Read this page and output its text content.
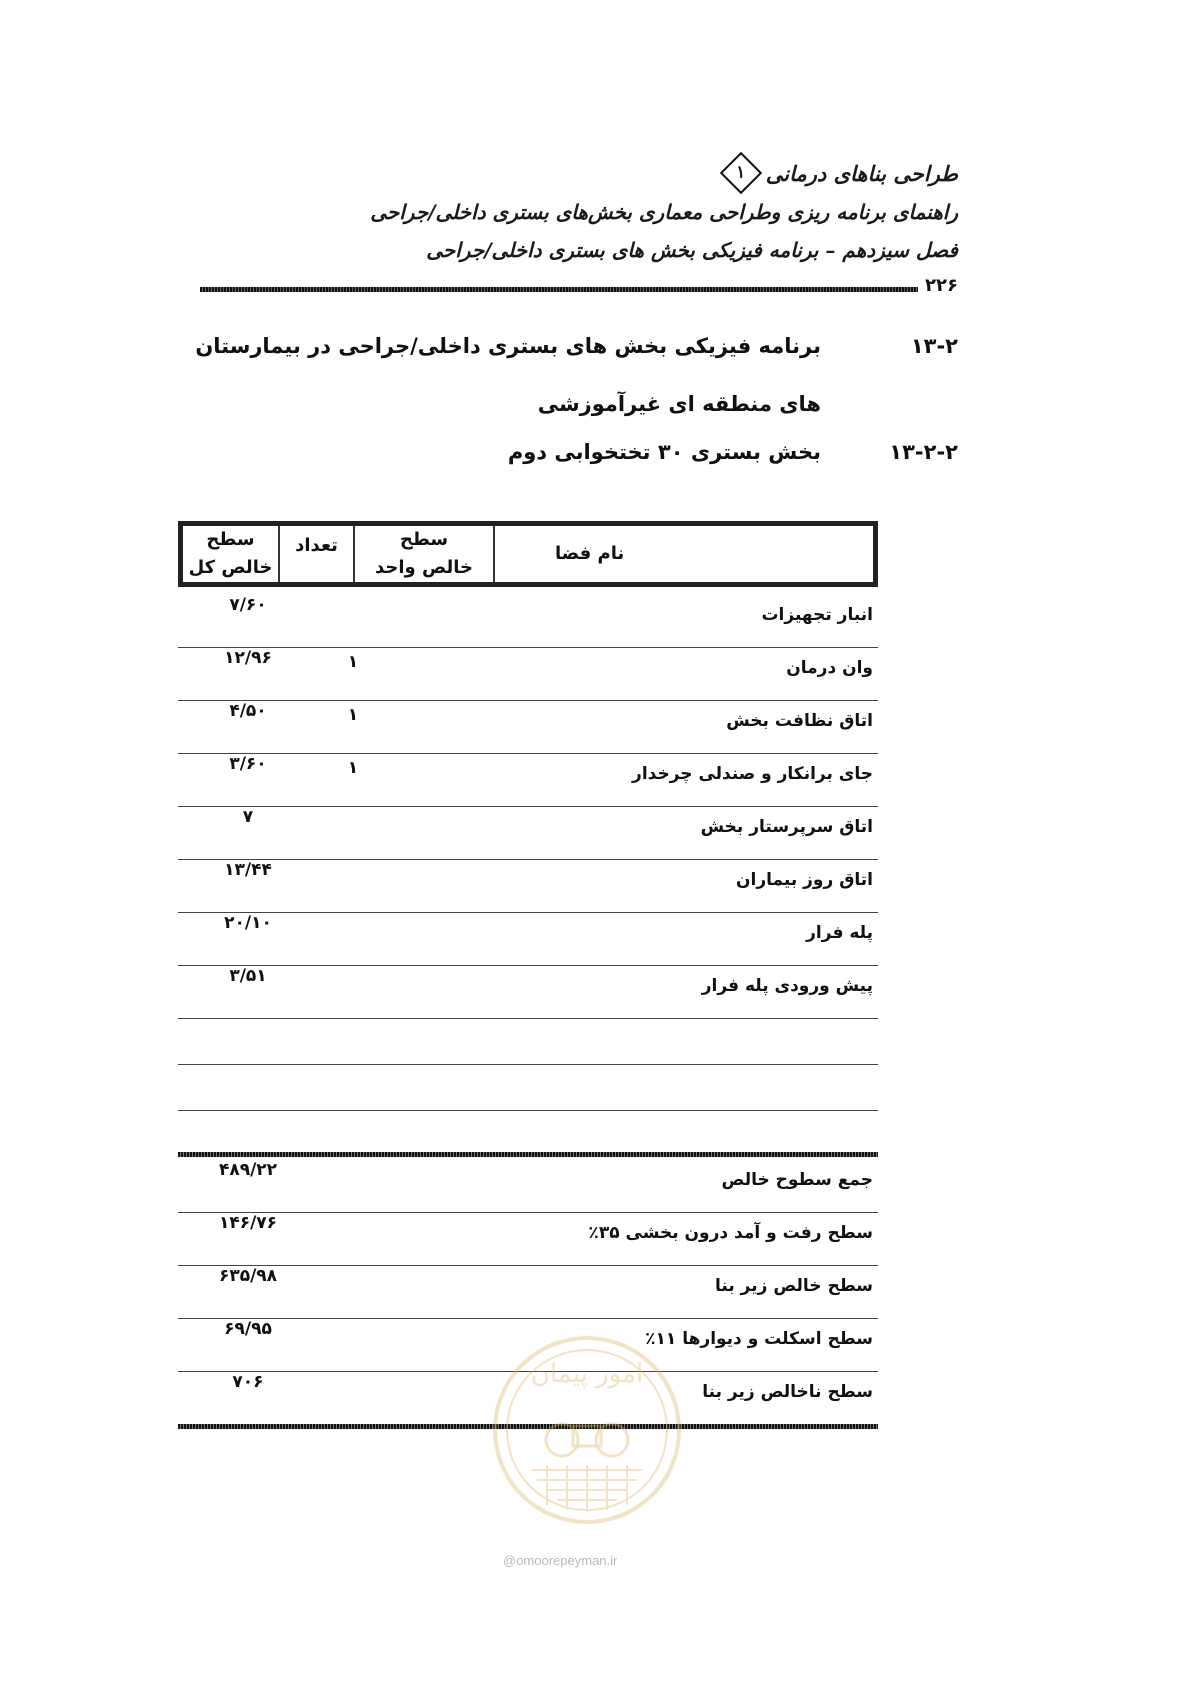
طراحی بناهای درمانی
۱
راهنمای برنامه ریزی وطراحی معماری بخش‌های بستری داخلی/جراحی
فصل سیزدهم – برنامه فیزیکی بخش های بستری داخلی/جراحی
۲۲۶
۱۳-۲
برنامه فیزیکی بخش های بستری داخلی/جراحی در بیمارستان های منطقه ای غیرآموزشی
۱۳-۲-۲
بخش بستری ۳۰ تختخوابی دوم
نام فضا
سطح
خالص واحد
تعداد
سطح
خالص کل
انبار تجهیزات
۷/۶۰
وان درمان
۱
۱۲/۹۶
اتاق نظافت بخش
۱
۴/۵۰
جای برانکار و صندلی چرخدار
۱
۳/۶۰
اتاق سرپرستار بخش
۷
اتاق روز بیماران
۱۳/۴۴
پله فرار
۲۰/۱۰
پیش ورودی پله فرار
۳/۵۱
جمع سطوح خالص
۴۸۹/۲۲
سطح رفت و آمد درون بخشی ۳۵٪
۱۴۶/۷۶
سطح خالص زیر بنا
۶۳۵/۹۸
سطح اسکلت و دیوارها ۱۱٪
۶۹/۹۵
سطح ناخالص زیر بنا
۷۰۶	امور پیمان
@omoorepeyman.ir
